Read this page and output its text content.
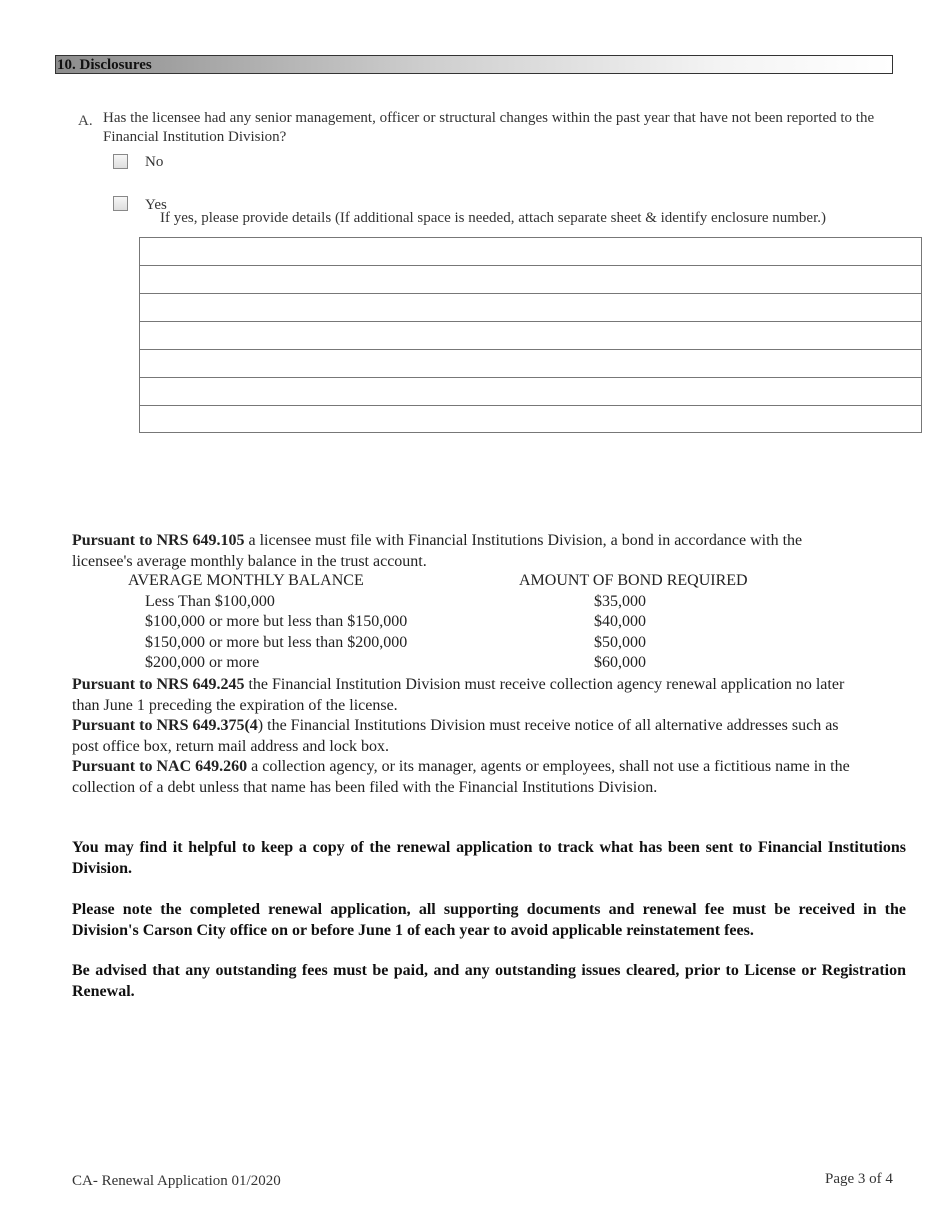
10. Disclosures
A. Has the licensee had any senior management, officer or structural changes within the past year that have not been reported to the Financial Institution Division?
No
Yes
If yes, please provide details (If additional space is needed, attach separate sheet & identify enclosure number.)
Pursuant to NRS 649.105 a licensee must file with Financial Institutions Division, a bond in accordance with the
licensee's average monthly balance in the trust account.
AVERAGE MONTHLY BALANCE	AMOUNT OF BOND REQUIRED
Less Than $100,000	$35,000
$100,000 or more but less than $150,000	$40,000
$150,000 or more but less than $200,000	$50,000
$200,000 or more	$60,000
Pursuant to NRS 649.245 the Financial Institution Division must receive collection agency renewal application no later
than June 1 preceding the expiration of the license.
Pursuant to NRS 649.375(4) the Financial Institutions Division must receive notice of all alternative addresses such as
post office box, return mail address and lock box.
Pursuant to NAC 649.260 a collection agency, or its manager, agents or employees, shall not use a fictitious name in the
collection of a debt unless that name has been filed with the Financial Institutions Division.
You may find it helpful to keep a copy of the renewal application to track what has been sent to Financial Institutions Division.
Please note the completed renewal application, all supporting documents and renewal fee must be received in the Division's Carson City office on or before June 1 of each year to avoid applicable reinstatement fees.
Be advised that any outstanding fees must be paid, and any outstanding issues cleared, prior to License or Registration Renewal.
CA- Renewal Application 01/2020	Page 3 of 4
